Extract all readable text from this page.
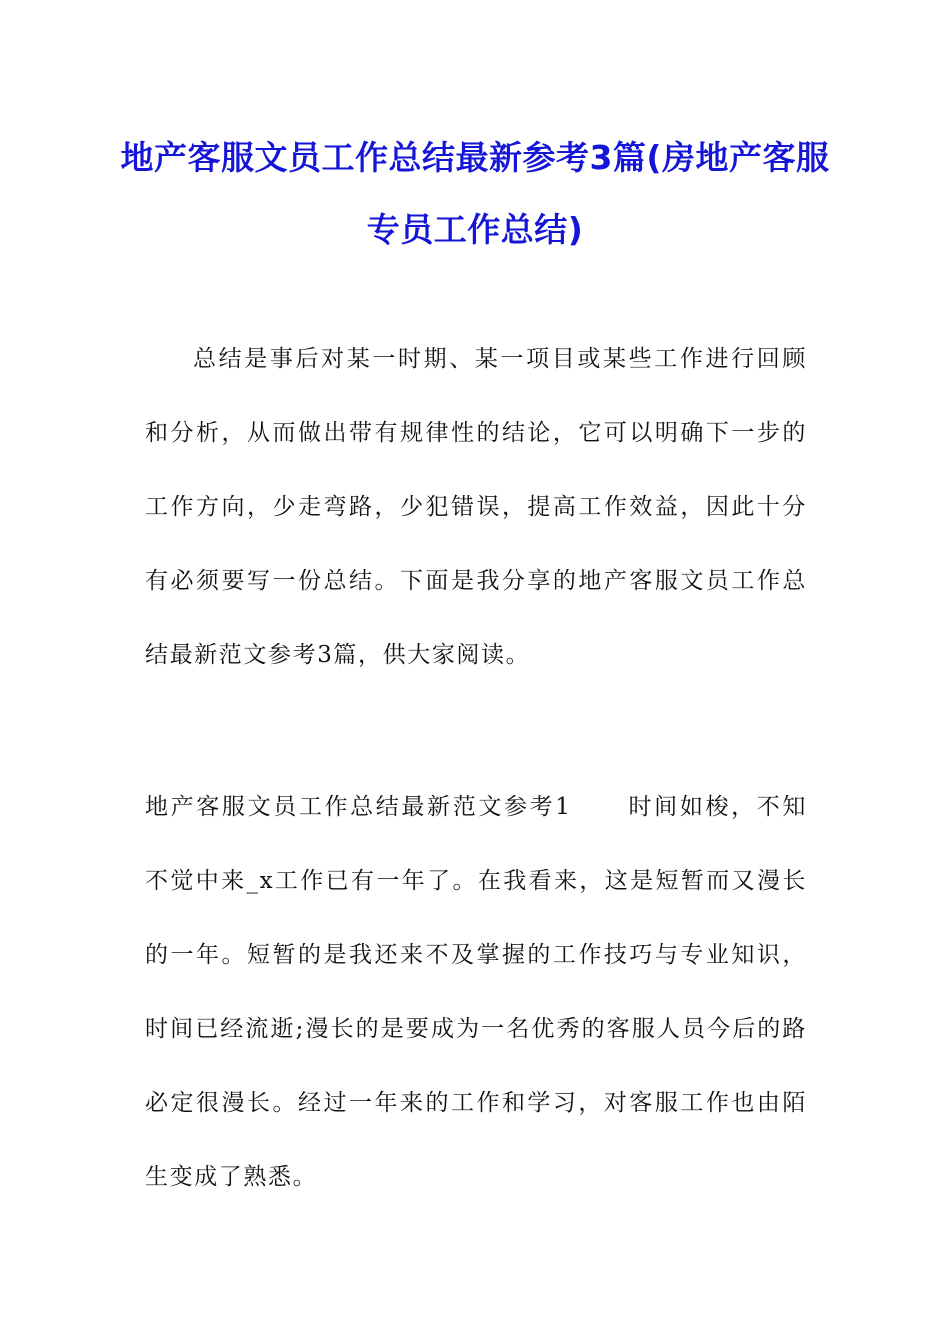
地产客服文员工作总结最新参考3篇(房地产客服专员工作总结)

总结是事后对某一时期、某一项目或某些工作进行回顾和分析，从而做出带有规律性的结论，它可以明确下一步的工作方向，少走弯路，少犯错误，提高工作效益，因此十分有必须要写一份总结。下面是我分享的地产客服文员工作总结最新范文参考3篇，供大家阅读。

地产客服文员工作总结最新范文参考1 时间如梭，不知不觉中来_x工作已有一年了。在我看来，这是短暂而又漫长的一年。短暂的是我还来不及掌握的工作技巧与专业知识，时间已经流逝;漫长的是要成为一名优秀的客服人员今后的路必定很漫长。经过一年来的工作和学习，对客服工作也由陌生变成了熟悉。
